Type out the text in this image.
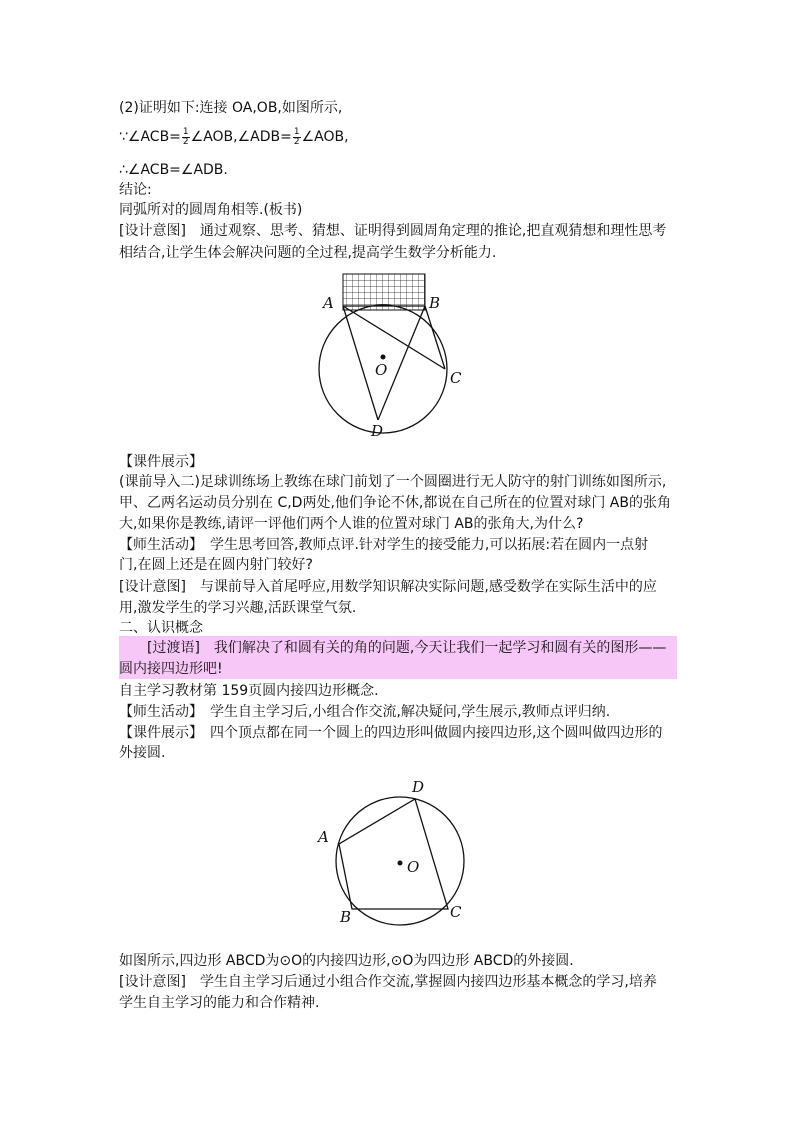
(2)证明如下:连接 OA,OB,如图所示,
∵∠ACB= $\frac{1}{2}$ ∠AOB,∠ADB= $\frac{1}{2}$ ∠AOB,
∴∠ACB=∠ADB.
结论:
同弧所对的圆周角相等.(板书)
[设计意图]　通过观察、思考、猜想、证明得到圆周角定理的推论,把直观猜想和理性思考
相结合,让学生体会解决问题的全过程,提高学生数学分析能力.
A	B
C
D
O
【课件展示】
(课前导入二)足球训练场上教练在球门前划了一个圆圈进行无人防守的射门训练如图所示,
甲、乙两名运动员分别在 C,D两处,他们争论不休,都说在自己所在的位置对球门 AB的张角
大,如果你是教练,请评一评他们两个人谁的位置对球门 AB的张角大,为什么?
【师生活动】　学生思考回答,教师点评.针对学生的接受能力,可以拓展:若在圆内一点射
门,在圆上还是在圆内射门较好?
[设计意图]　与课前导入首尾呼应,用数学知识解决实际问题,感受数学在实际生活中的应
用,激发学生的学习兴趣,活跃课堂气氛.
二、认识概念
[过渡语]　我们解决了和圆有关的角的问题,今天让我们一起学习和圆有关的图形——
圆内接四边形吧!
自主学习教材第 159页圆内接四边形概念.
【师生活动】　学生自主学习后,小组合作交流,解决疑问,学生展示,教师点评归纳.
【课件展示】　四个顶点都在同一个圆上的四边形叫做圆内接四边形,这个圆叫做四边形的
外接圆.
A
B	C
D
O
如图所示,四边形 ABCD为⊙O的内接四边形,⊙O为四边形 ABCD的外接圆.
[设计意图]　学生自主学习后通过小组合作交流,掌握圆内接四边形基本概念的学习,培养
学生自主学习的能力和合作精神.
